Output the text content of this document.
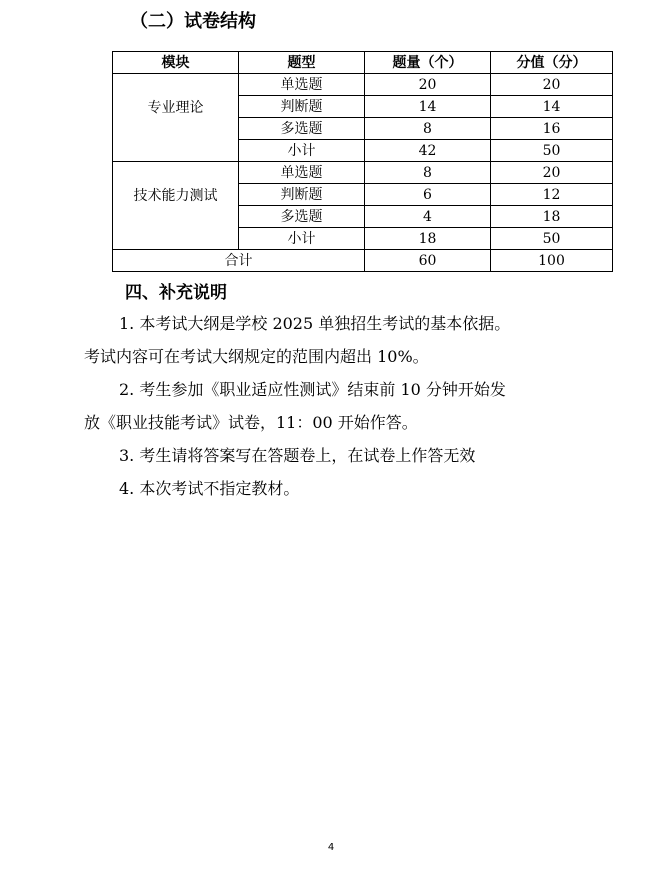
（二）试卷结构
模块	题型	题量（个）	分值（分）
专业理论	单选题	20	20
	判断题	14	14
	多选题	8	16
	小计	42	50
技术能力测试	单选题	8	20
	判断题	6	12
	多选题	4	18
	小计	18	50
合计		60	100
四、补充说明
1. 本考试大纲是学校 2025 单独招生考试的基本依据。
考试内容可在考试大纲规定的范围内超出 10%。
2. 考生参加《职业适应性测试》结束前 10 分钟开始发
放《职业技能考试》试卷，11：00 开始作答。
3. 考生请将答案写在答题卷上，在试卷上作答无效
4. 本次考试不指定教材。
4
